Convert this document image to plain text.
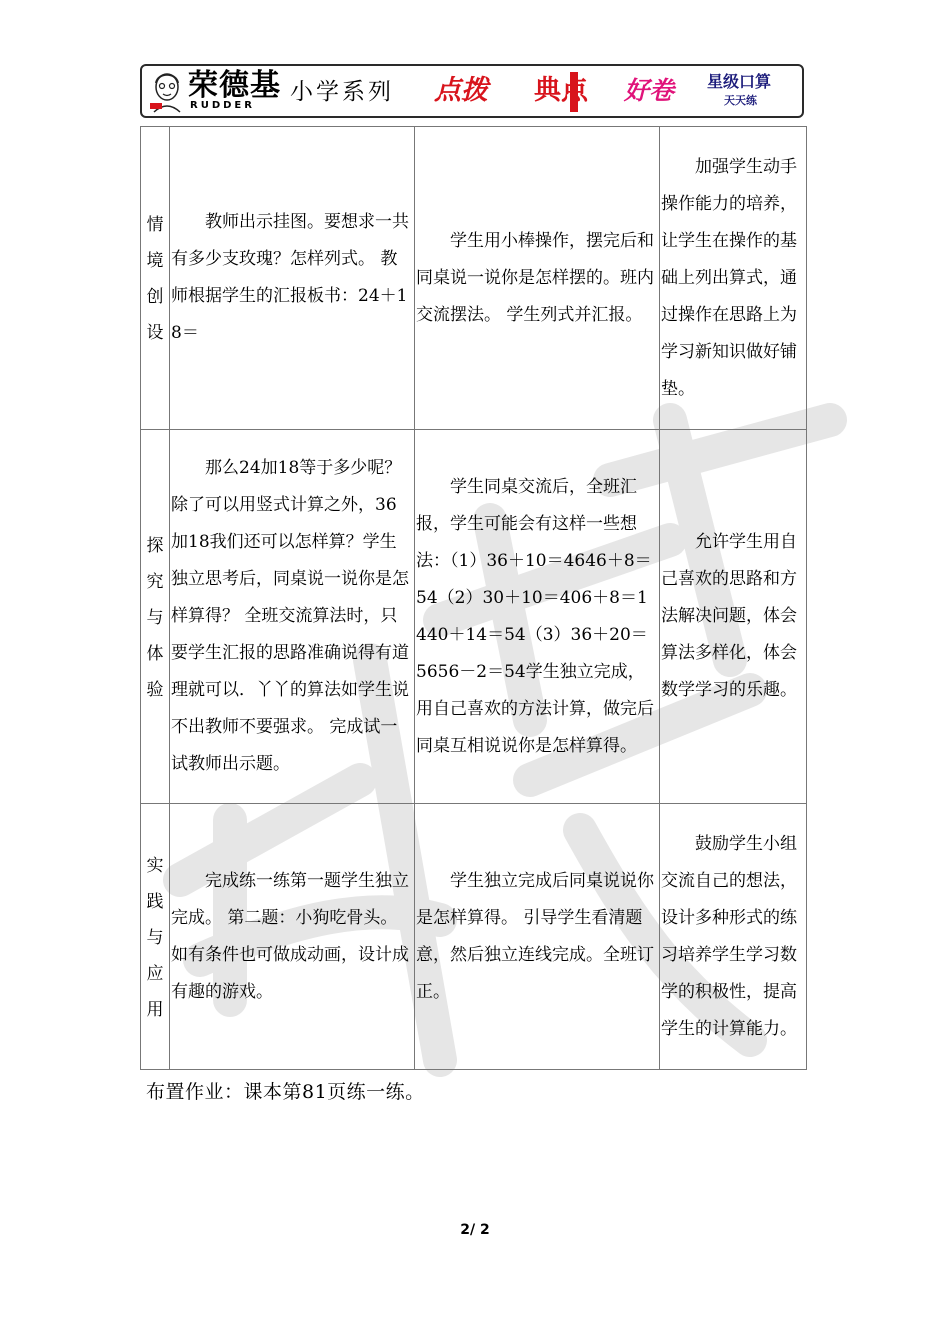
荣德基
RUDDER
小学系列 点拨 典点 好卷 星级口算
天天练
情
境
创
设	教师出示挂图。要想求一共有多少支玫瑰？怎样列式。 教师根据学生的汇报板书：24＋18＝	学生用小棒操作，摆完后和同桌说一说你是怎样摆的。班内交流摆法。 学生列式并汇报。	加强学生动手操作能力的培养，让学生在操作的基础上列出算式，通过操作在思路上为学习新知识做好铺垫。

探
究
与
体
验	那么24加18等于多少呢？除了可以用竖式计算之外，36加18我们还可以怎样算？学生独立思考后，同桌说一说你是怎样算得？ 全班交流算法时，只要学生汇报的思路准确说得有道理就可以．丫丫的算法如学生说不出教师不要强求。 完成试一试教师出示题。	学生同桌交流后，全班汇报，学生可能会有这样一些想法：（1）36＋10＝4646＋8＝54（2）30＋10＝406＋8＝1440＋14＝54（3）36＋20＝5656－2＝54学生独立完成，用自己喜欢的方法计算，做完后同桌互相说说你是怎样算得。	允许学生用自己喜欢的思路和方法解决问题，体会算法多样化，体会数学学习的乐趣。

实
践
与
应
用	完成练一练第一题学生独立完成。 第二题：小狗吃骨头。 如有条件也可做成动画，设计成有趣的游戏。	学生独立完成后同桌说说你是怎样算得。 引导学生看清题意，然后独立连线完成。全班订正。	鼓励学生小组交流自己的想法，设计多种形式的练习培养学生学习数学的积极性，提高学生的计算能力。
布置作业：课本第81页练一练。
2/ 2
